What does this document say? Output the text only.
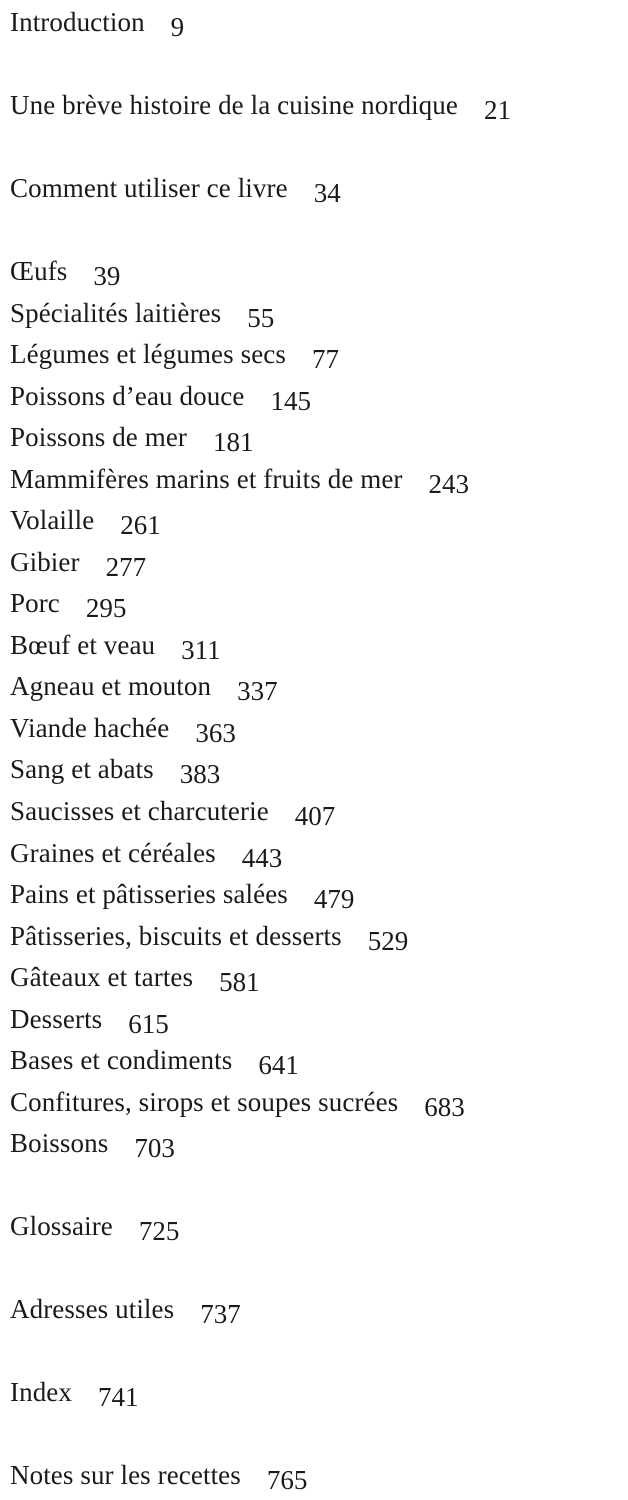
Introduction 9
Une brève histoire de la cuisine nordique 21
Comment utiliser ce livre 34
Œufs 39
Spécialités laitières 55
Légumes et légumes secs 77
Poissons d’eau douce 145
Poissons de mer 181
Mammifères marins et fruits de mer 243
Volaille 261
Gibier 277
Porc 295
Bœuf et veau 311
Agneau et mouton 337
Viande hachée 363
Sang et abats 383
Saucisses et charcuterie 407
Graines et céréales 443
Pains et pâtisseries salées 479
Pâtisseries, biscuits et desserts 529
Gâteaux et tartes 581
Desserts 615
Bases et condiments 641
Confitures, sirops et soupes sucrées 683
Boissons 703
Glossaire 725
Adresses utiles 737
Index 741
Notes sur les recettes 765
